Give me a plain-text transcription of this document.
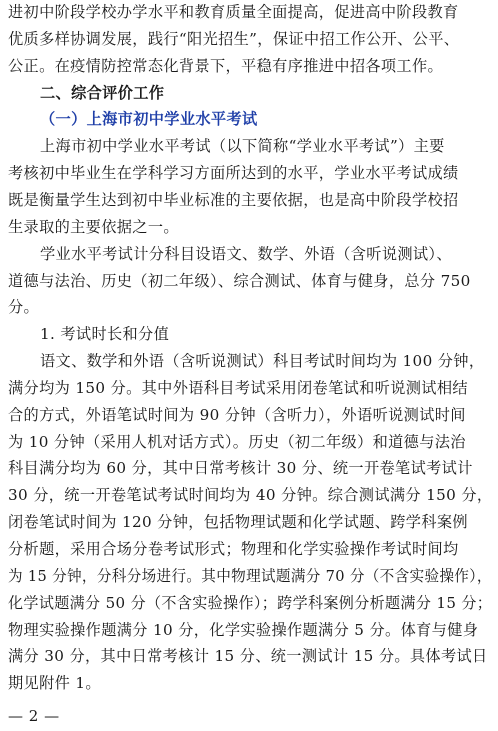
进初中阶段学校办学水平和教育质量全面提高，促进高中阶段教育
优质多样协调发展，践行“阳光招生”，保证中招工作公开、公平、
公正。在疫情防控常态化背景下，平稳有序推进中招各项工作。
二、综合评价工作
（一）上海市初中学业水平考试
上海市初中学业水平考试（以下简称“学业水平考试”）主要
考核初中毕业生在学科学习方面所达到的水平，学业水平考试成绩
既是衡量学生达到初中毕业标准的主要依据，也是高中阶段学校招
生录取的主要依据之一。
学业水平考试计分科目设语文、数学、外语（含听说测试）、
道德与法治、历史（初二年级）、综合测试、体育与健身，总分 750
分。
1. 考试时长和分值
语文、数学和外语（含听说测试）科目考试时间均为 100 分钟，
满分均为 150 分。其中外语科目考试采用闭卷笔试和听说测试相结
合的方式，外语笔试时间为 90 分钟（含听力），外语听说测试时间
为 10 分钟（采用人机对话方式）。历史（初二年级）和道德与法治
科目满分均为 60 分，其中日常考核计 30 分、统一开卷笔试考试计
30 分，统一开卷笔试考试时间均为 40 分钟。综合测试满分 150 分，
闭卷笔试时间为 120 分钟，包括物理试题和化学试题、跨学科案例
分析题，采用合场分卷考试形式；物理和化学实验操作考试时间均
为 15 分钟，分科分场进行。其中物理试题满分 70 分（不含实验操作），
化学试题满分 50 分（不含实验操作）；跨学科案例分析题满分 15 分；
物理实验操作题满分 10 分，化学实验操作题满分 5 分。体育与健身
满分 30 分，其中日常考核计 15 分、统一测试计 15 分。具体考试日
期见附件 1。
— 2 —
